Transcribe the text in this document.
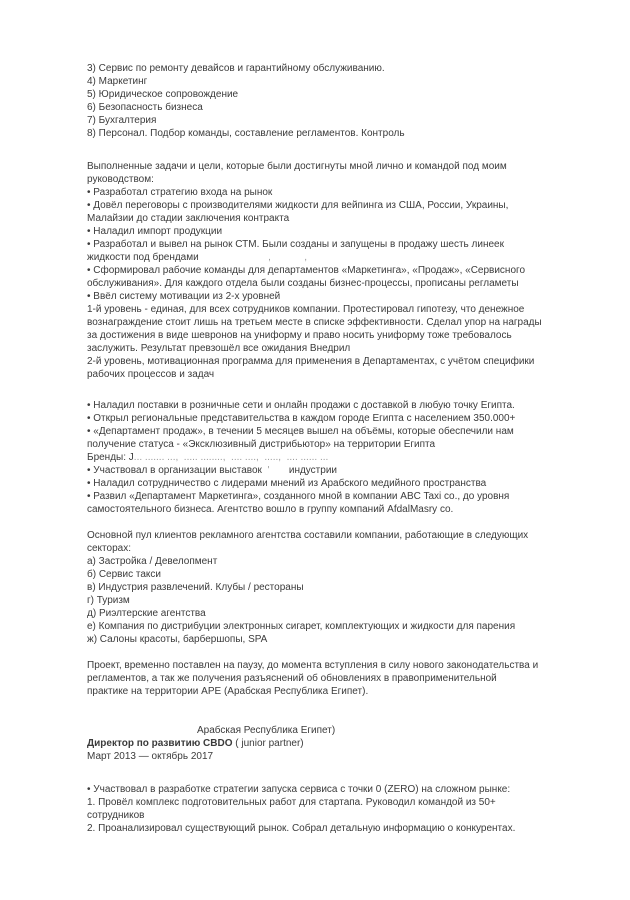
3) Сервис по ремонту девайсов и гарантийному обслуживанию.
4) Маркетинг
5) Юридическое сопровождение
6) Безопасность бизнеса
7) Бухгалтерия
8) Персонал. Подбор команды, составление регламентов. Контроль
Выполненные задачи и цели, которые были достигнуты мной лично и командой под моим
руководством:
• Разработал стратегию входа на рынок
• Довёл переговоры с производителями жидкости для вейпинга из США, России, Украины,
Малайзии до стадии заключения контракта
• Наладил импорт продукции
• Разработал и вывел на рынок СТМ. Были созданы и запущены в продажу шесть линеек
жидкости под брендами                         ,            ,
• Сформировал рабочие команды для департаментов «Маркетинга», «Продаж», «Сервисного
обслуживания». Для каждого отдела были созданы бизнес-процессы, прописаны регламеты
• Ввёл систему мотивации из 2-х уровней
1-й уровень - единая, для всех сотрудников компании. Протестировал гипотезу, что денежное
вознаграждение стоит лишь на третьем месте в списке эффективности. Сделал упор на награды
за достижения в виде шевронов на униформу и право носить униформу тоже требовалось
заслужить. Результат превзошёл все ожидания Внедрил
2-й уровень, мотивационная программа для применения в Департаментах, с учётом специфики
рабочих процессов и задач
• Наладил поставки в розничные сети и онлайн продажи с доставкой в любую точку Египта.
• Открыл региональные представительства в каждом городе Египта с населением 350.000+
• «Департамент продаж», в течении 5 месяцев вышел на объёмы, которые обеспечили нам
получение статуса - «Эксклюзивный дистрибьютор» на территории Египта
Бренды: J... ....... ...,  ..... ........,  .... ....,  .....,  .... ...... ...
• Участвовал в организации выставок  '       индустрии
• Наладил сотрудничество с лидерами мнений из Арабского медийного пространства
• Развил «Департамент Маркетинга», созданного мной в компании ABC Taxi co., до уровня
самостоятельного бизнеса. Агентство вошло в группу компаний AfdalMasry co.
Основной пул клиентов рекламного агентства составили компании, работающие в следующих
секторах:
а) Застройка / Девелопмент
б) Сервис такси
в) Индустрия развлечений. Клубы / рестораны
г) Туризм
д) Риэлтерские агентства
е) Компания по дистрибуции электронных сигарет, комплектующих и жидкости для парения
ж) Салоны красоты, барбершопы, SPA
Проект, временно поставлен на паузу, до момента вступления в силу нового законодательства и
регламентов, а так же получения разъяснений об обновлениях в правоприменительной
практике на территории АРЕ (Арабская Республика Египет).
Арабская Республика Египет)
Директор по развитию CBDO ( junior partner)
Март 2013 — октябрь 2017
• Участвовал в разработке стратегии запуска сервиса с точки 0 (ZERO) на сложном рынке:
1. Провёл комплекс подготовительных работ для стартапа. Руководил командой из 50+
сотрудников
2. Проанализировал существующий рынок. Собрал детальную информацию о конкурентах.
